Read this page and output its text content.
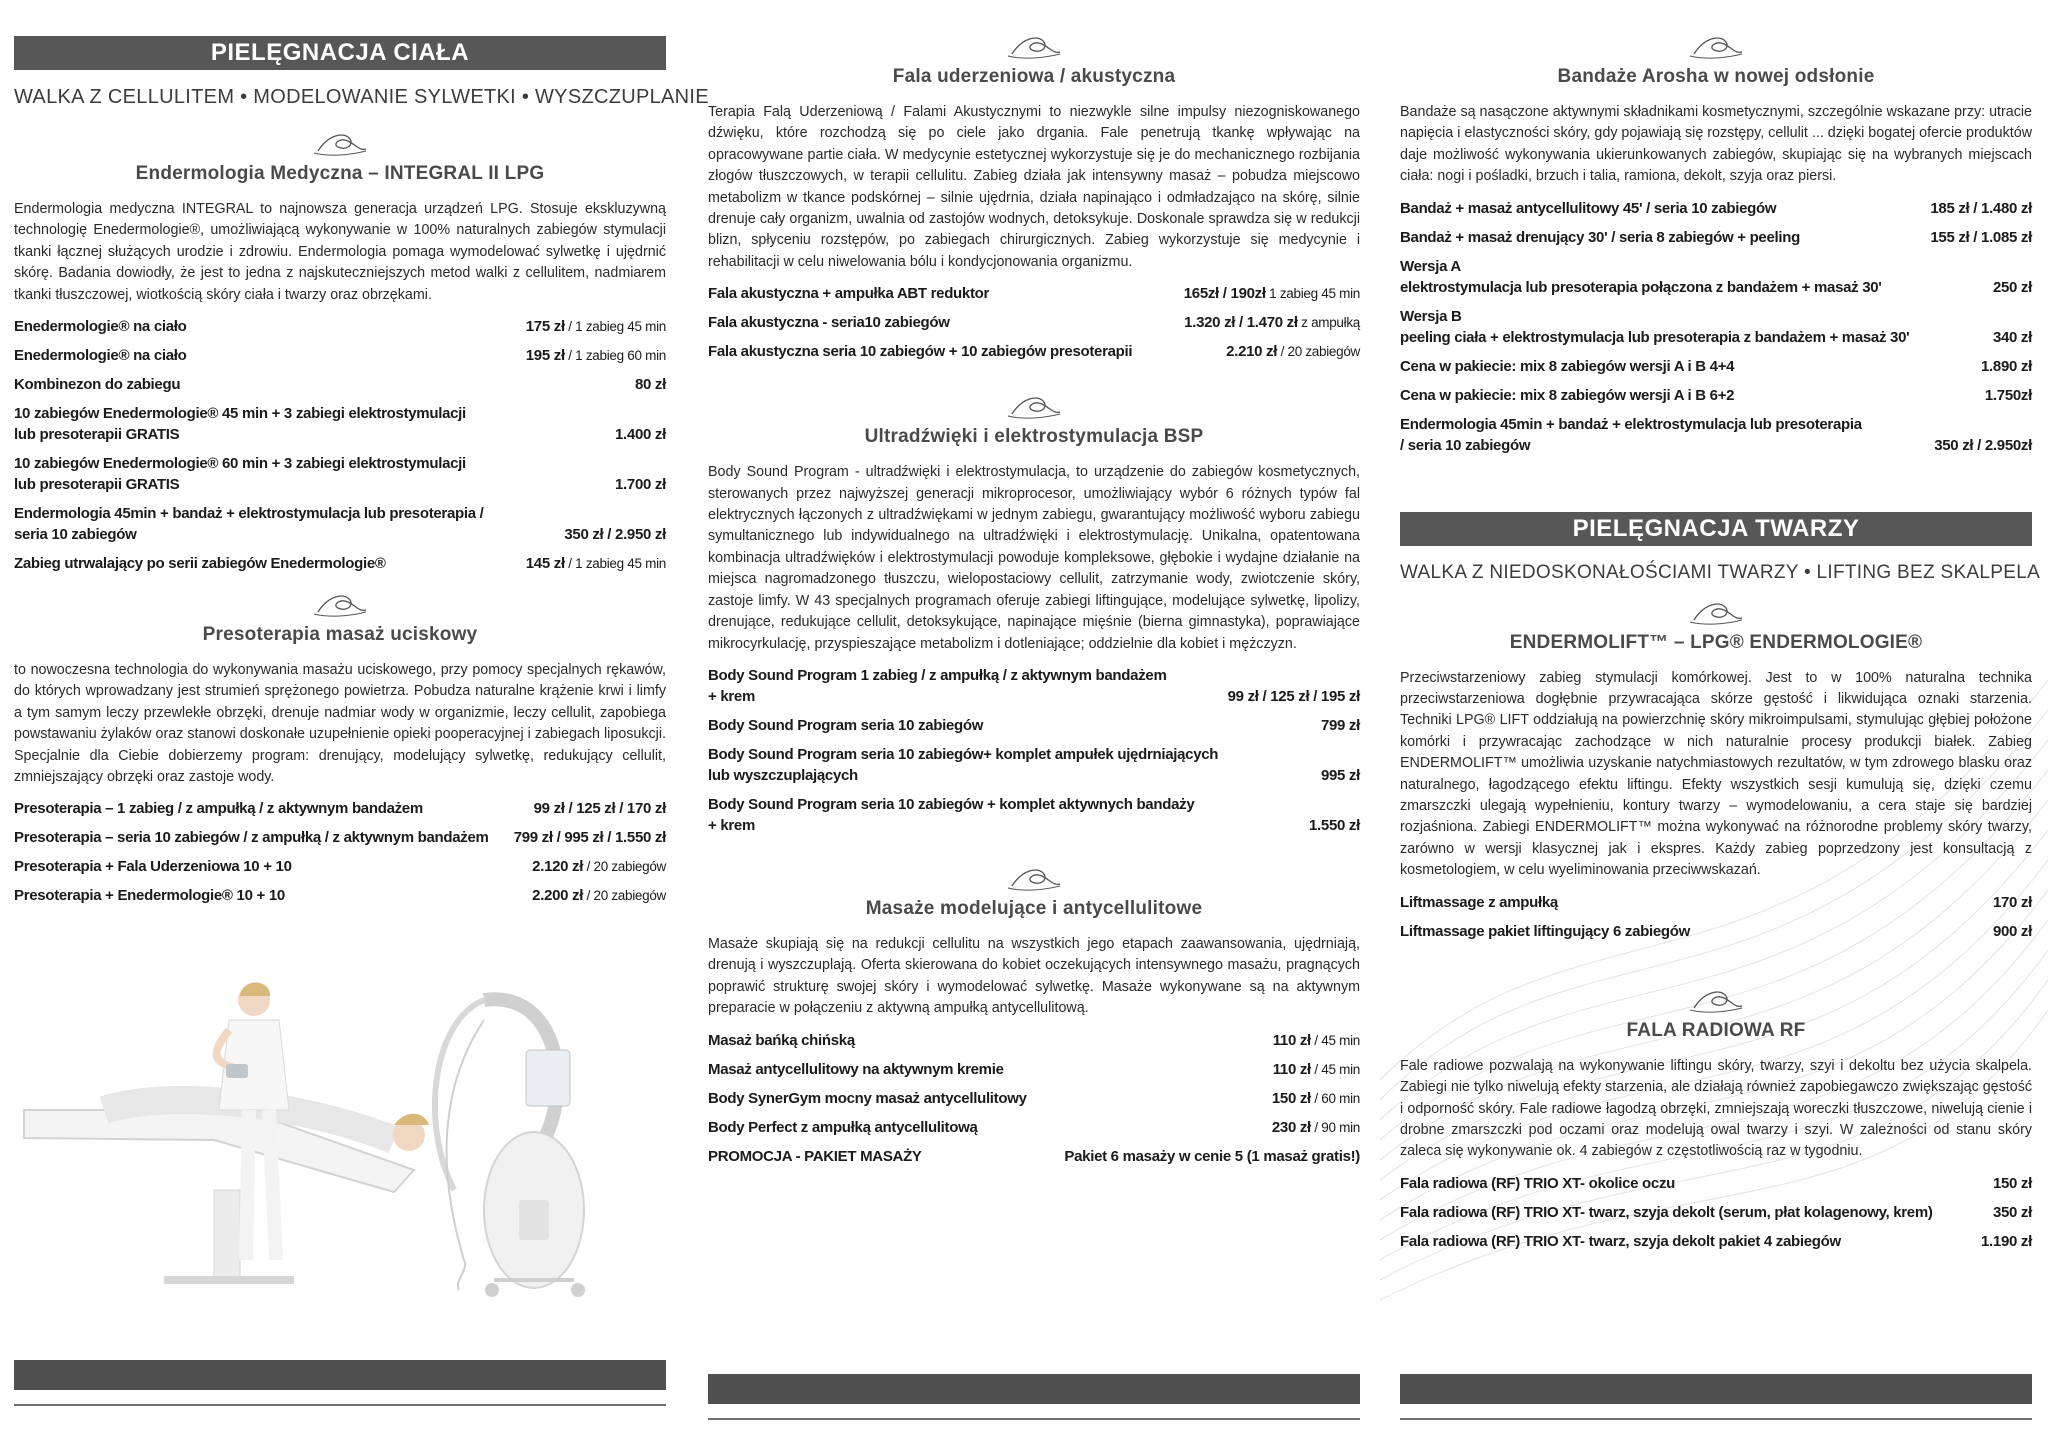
PIELĘGNACJA CIAŁA

WALKA Z CELLULITEM • MODELOWANIE SYLWETKI • WYSZCZUPLANIE

Endermologia Medyczna – INTEGRAL II LPG

Endermologia medyczna INTEGRAL to najnowsza generacja urządzeń LPG. Stosuje ekskluzywną technologię Enedermologie®, umożliwiającą wykonywanie w 100% naturalnych zabiegów stymulacji tkanki łącznej służących urodzie i zdrowiu. Endermologia pomaga wymodelować sylwetkę i ujędrnić skórę. Badania dowiodły, że jest to jedna z najskuteczniejszych metod walki z cellulitem, nadmiarem tkanki tłuszczowej, wiotkością skóry ciała i twarzy oraz obrzękami.

Enedermologie® na ciało	175 zł / 1 zabieg 45 min
Enedermologie® na ciało	195 zł / 1 zabieg 60 min
Kombinezon do zabiegu	80 zł
10 zabiegów Enedermologie® 45 min + 3 zabiegi elektrostymulacji
lub presoterapii GRATIS	1.400 zł
10 zabiegów Enedermologie® 60 min + 3 zabiegi elektrostymulacji
lub presoterapii GRATIS	1.700 zł
Endermologia 45min + bandaż + elektrostymulacja lub presoterapia /
seria 10 zabiegów	350 zł / 2.950 zł
Zabieg utrwalający po serii zabiegów Enedermologie®	145 zł / 1 zabieg 45 min
Presoterapia masaż uciskowy

to nowoczesna technologia do wykonywania masażu uciskowego, przy pomocy specjalnych rękawów, do których wprowadzany jest strumień sprężonego powietrza. Pobudza naturalne krążenie krwi i limfy a tym samym leczy przewlekłe obrzęki, drenuje nadmiar wody w organizmie, leczy cellulit, zapobiega powstawaniu żylaków oraz stanowi doskonałe uzupełnienie opieki pooperacyjnej i zabiegach liposukcji. Specjalnie dla Ciebie dobierzemy program: drenujący, modelujący sylwetkę, redukujący cellulit, zmniejszający obrzęki oraz zastoje wody.

Presoterapia – 1 zabieg / z ampułką / z aktywnym bandażem	99 zł / 125 zł / 170 zł
Presoterapia – seria 10 zabiegów / z ampułką / z aktywnym bandażem 799 zł / 995 zł / 1.550 zł
Presoterapia + Fala Uderzeniowa 10 + 10	2.120 zł / 20 zabiegów
Presoterapia + Enedermologie® 10 + 10	2.200 zł / 20 zabiegów
Fala uderzeniowa / akustyczna

Terapia Falą Uderzeniową / Falami Akustycznymi to niezwykle silne impulsy niezogniskowanego dźwięku, które rozchodzą się po ciele jako drgania. Fale penetrują tkankę wpływając na opracowywane partie ciała. W medycynie estetycznej wykorzystuje się je do mechanicznego rozbijania złogów tłuszczowych, w terapii cellulitu. Zabieg działa jak intensywny masaż – pobudza miejscowo metabolizm w tkance podskórnej – silnie ujędrnia, działa napinająco i odmładzająco na skórę, silnie drenuje cały organizm, uwalnia od zastojów wodnych, detoksykuje. Doskonale sprawdza się w redukcji blizn, spłyceniu rozstępów, po zabiegach chirurgicznych. Zabieg wykorzystuje się medycynie i rehabilitacji w celu niwelowania bólu i kondycjonowania organizmu.

Fala akustyczna + ampułka ABT reduktor	165zł / 190zł 1 zabieg 45 min
Fala akustyczna - seria10 zabiegów	1.320 zł / 1.470 zł z ampułką
Fala akustyczna seria 10 zabiegów + 10 zabiegów presoterapii	2.210 zł / 20 zabiegów
Ultradźwięki i elektrostymulacja BSP

Body Sound Program - ultradźwięki i elektrostymulacja, to urządzenie do zabiegów kosmetycznych, sterowanych przez najwyższej generacji mikroprocesor, umożliwiający wybór 6 różnych typów fal elektrycznych łączonych z ultradźwiękami w jednym zabiegu, gwarantujący możliwość wyboru zabiegu symultanicznego lub indywidualnego na ultradźwięki i elektrostymulację. Unikalna, opatentowana kombinacja ultradźwięków i elektrostymulacji powoduje kompleksowe, głębokie i wydajne działanie na miejsca nagromadzonego tłuszczu, wielopostaciowy cellulit, zatrzymanie wody, zwiotczenie skóry, zastoje limfy. W 43 specjalnych programach oferuje zabiegi liftingujące, modelujące sylwetkę, lipolizy, drenujące, redukujące cellulit, detoksykujące, napinające mięśnie (bierna gimnastyka), poprawiające mikrocyrkulację, przyspieszające metabolizm i dotleniające; oddzielnie dla kobiet i mężczyzn.

Body Sound Program 1 zabieg / z ampułką / z aktywnym bandażem
+ krem	99 zł / 125 zł / 195 zł
Body Sound Program seria 10 zabiegów	799 zł
Body Sound Program seria 10 zabiegów+ komplet ampułek ujędrniających
lub wyszczuplających	995 zł
Body Sound Program seria 10 zabiegów + komplet aktywnych bandaży
+ krem	1.550 zł
Masaże modelujące i antycellulitowe

Masaże skupiają się na redukcji cellulitu na wszystkich jego etapach zaawansowania, ujędrniają, drenują i wyszczuplają. Oferta skierowana do kobiet oczekujących intensywnego masażu, pragnących poprawić strukturę swojej skóry i wymodelować sylwetkę. Masaże wykonywane są na aktywnym preparacie w połączeniu z aktywną ampułką antycellulitową.

Masaż bańką chińską	110 zł / 45 min
Masaż antycellulitowy na aktywnym kremie	110 zł / 45 min
Body SynerGym mocny masaż antycellulitowy	150 zł / 60 min
Body Perfect z ampułką antycellulitową	230 zł / 90 min
PROMOCJA - PAKIET MASAŻY	Pakiet 6 masaży w cenie 5 (1 masaż gratis!)
Bandaże Arosha w nowej odsłonie

Bandaże są nasączone aktywnymi składnikami kosmetycznymi, szczególnie wskazane przy: utracie napięcia i elastyczności skóry, gdy pojawiają się rozstępy, cellulit ... dzięki bogatej ofercie produktów daje możliwość wykonywania ukierunkowanych zabiegów, skupiając się na wybranych miejscach ciała: nogi i pośladki, brzuch i talia, ramiona, dekolt, szyja oraz piersi.

Bandaż + masaż antycellulitowy 45' / seria 10 zabiegów	185 zł / 1.480 zł
Bandaż + masaż drenujący 30' / seria 8 zabiegów + peeling	155 zł / 1.085 zł
Wersja A
elektrostymulacja lub presoterapia połączona z bandażem + masaż 30'	250 zł
Wersja B
peeling ciała + elektrostymulacja lub presoterapia z bandażem + masaż 30'	340 zł
Cena w pakiecie: mix 8 zabiegów wersji A i B 4+4	1.890 zł
Cena w pakiecie: mix 8 zabiegów wersji A i B 6+2	1.750zł
Endermologia 45min + bandaż + elektrostymulacja lub presoterapia
/ seria 10 zabiegów	350 zł / 2.950zł
PIELĘGNACJA TWARZY

WALKA Z NIEDOSKONAŁOŚCIAMI TWARZY • LIFTING BEZ SKALPELA

ENDERMOLIFT™ – LPG® ENDERMOLOGIE®

Przeciwstarzeniowy zabieg stymulacji komórkowej. Jest to w 100% naturalna technika przeciwstarzeniowa dogłębnie przywracająca skórze gęstość i likwidująca oznaki starzenia. Techniki LPG® LIFT oddziałują na powierzchnię skóry mikroimpulsami, stymulując głębiej położone komórki i przywracając zachodzące w nich naturalnie procesy produkcji białek. Zabieg ENDERMOLIFT™ umożliwia uzyskanie natychmiastowych rezultatów, w tym zdrowego blasku oraz naturalnego, łagodzącego efektu liftingu. Efekty wszystkich sesji kumulują się, dzięki czemu zmarszczki ulegają wypełnieniu, kontury twarzy – wymodelowaniu, a cera staje się bardziej rozjaśniona. Zabiegi ENDERMOLIFT™ można wykonywać na różnorodne problemy skóry twarzy, zarówno w wersji klasycznej jak i ekspres. Każdy zabieg poprzedzony jest konsultacją z kosmetologiem, w celu wyeliminowania przeciwwskazań.

Liftmassage z ampułką	170 zł
Liftmassage pakiet liftingujący 6 zabiegów	900 zł
FALA RADIOWA RF

Fale radiowe pozwalają na wykonywanie liftingu skóry, twarzy, szyi i dekoltu bez użycia skalpela. Zabiegi nie tylko niwelują efekty starzenia, ale działają również zapobiegawczo zwiększając gęstość i odporność skóry. Fale radiowe łagodzą obrzęki, zmniejszają woreczki tłuszczowe, niwelują cienie i drobne zmarszczki pod oczami oraz modelują owal twarzy i szyi. W zależności od stanu skóry zaleca się wykonywanie ok. 4 zabiegów z częstotliwością raz w tygodniu.

Fala radiowa (RF) TRIO XT- okolice oczu	150 zł
Fala radiowa (RF) TRIO XT- twarz, szyja dekolt (serum, płat kolagenowy, krem)	350 zł
Fala radiowa (RF) TRIO XT- twarz, szyja dekolt pakiet 4 zabiegów	1.190 zł
